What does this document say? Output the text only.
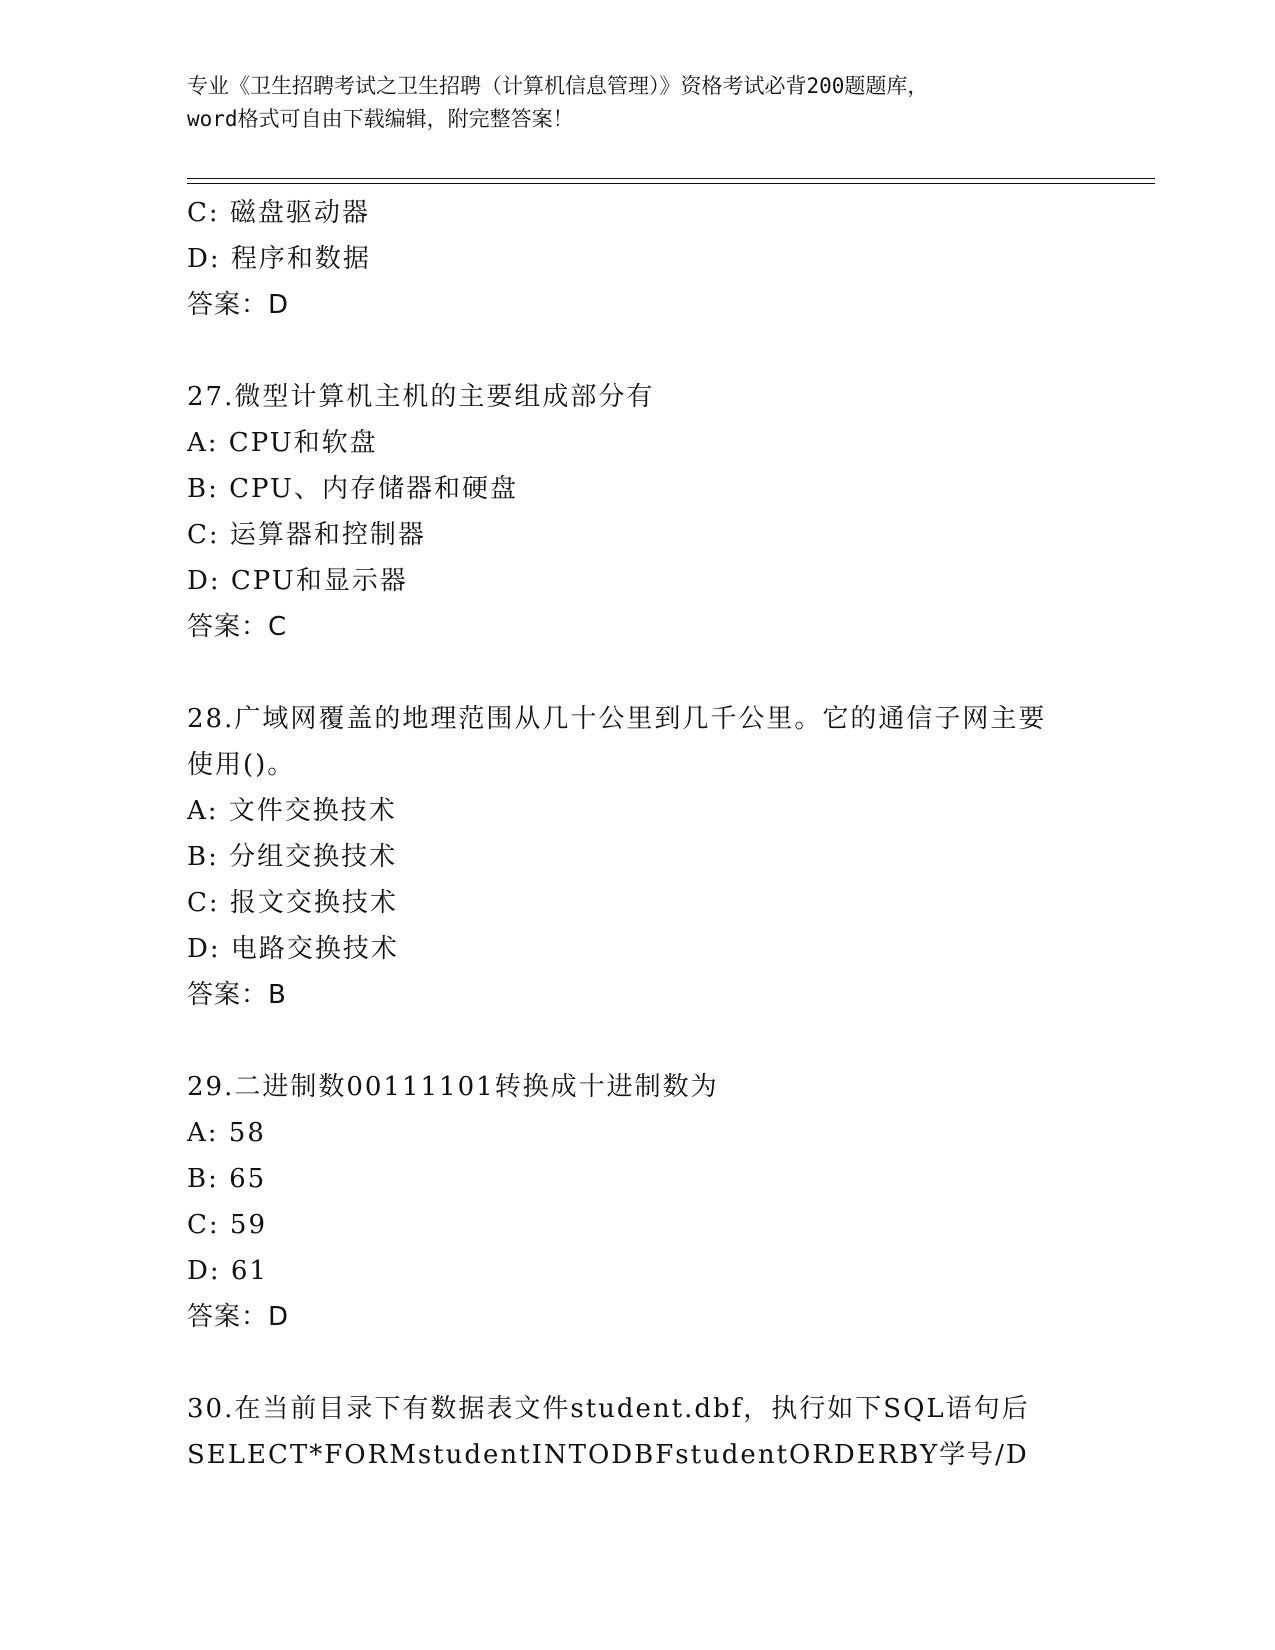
专业《卫生招聘考试之卫生招聘（计算机信息管理）》资格考试必背200题题库，
word格式可自由下载编辑，附完整答案！
C: 磁盘驱动器
D: 程序和数据
答案：D
27.微型计算机主机的主要组成部分有
A: CPU和软盘
B: CPU、内存储器和硬盘
C: 运算器和控制器
D: CPU和显示器
答案：C
28.广域网覆盖的地理范围从几十公里到几千公里。它的通信子网主要
使用()。
A: 文件交换技术
B: 分组交换技术
C: 报文交换技术
D: 电路交换技术
答案：B
29.二进制数00111101转换成十进制数为
A: 58
B: 65
C: 59
D: 61
答案：D
30.在当前目录下有数据表文件student.dbf，执行如下SQL语句后
SELECT*FORMstudentINTODBFstudentORDERBY学号/D
